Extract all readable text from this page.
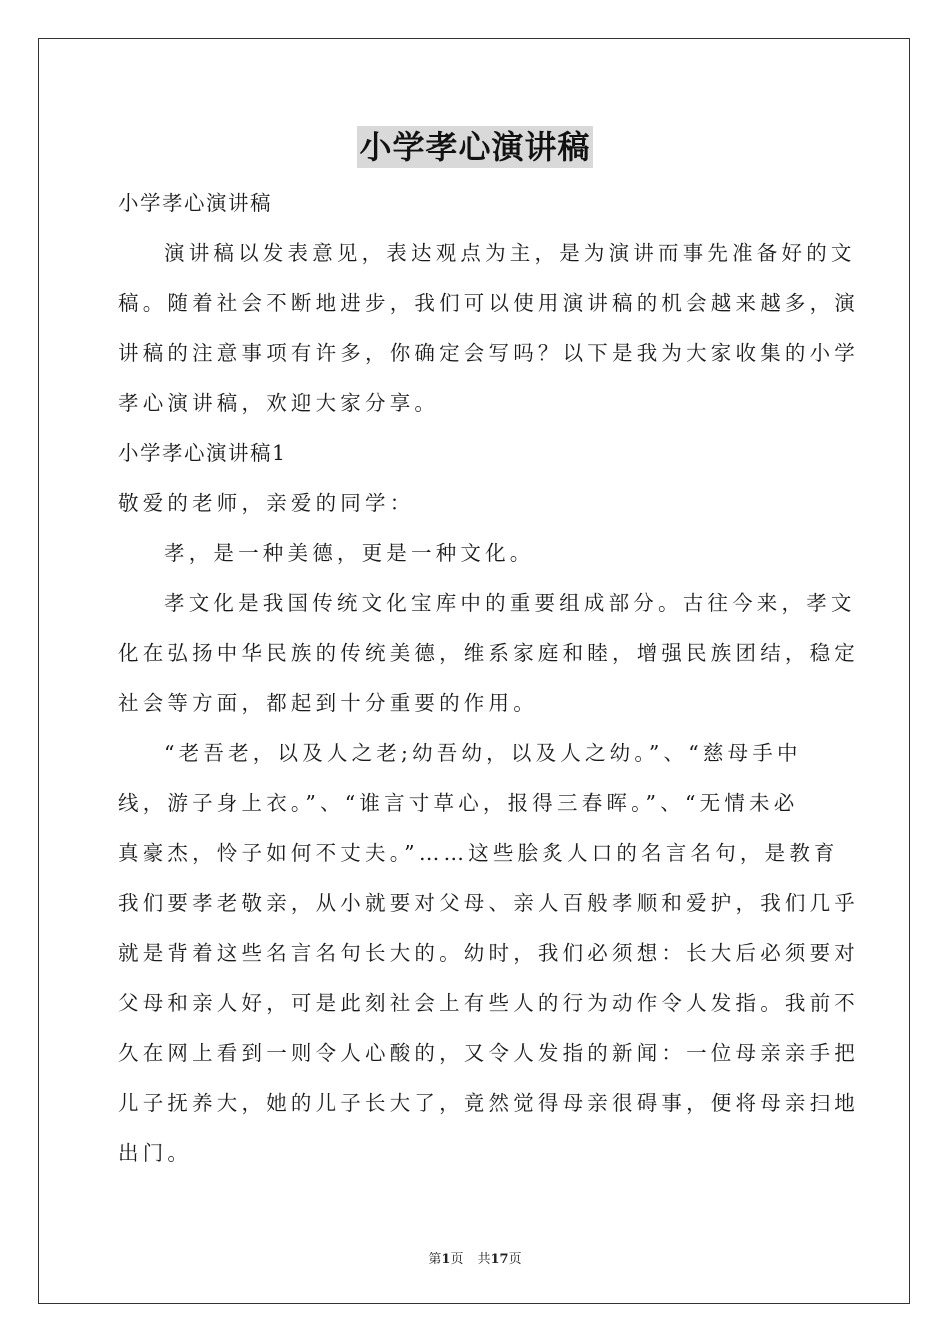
小学孝心演讲稿
小学孝心演讲稿
演讲稿以发表意见，表达观点为主，是为演讲而事先准备好的文
稿。随着社会不断地进步，我们可以使用演讲稿的机会越来越多，演
讲稿的注意事项有许多，你确定会写吗？以下是我为大家收集的小学
孝心演讲稿，欢迎大家分享。
小学孝心演讲稿1
敬爱的老师，亲爱的同学：
孝，是一种美德，更是一种文化。
孝文化是我国传统文化宝库中的重要组成部分。古往今来，孝文
化在弘扬中华民族的传统美德，维系家庭和睦，增强民族团结，稳定
社会等方面，都起到十分重要的作用。
“老吾老，以及人之老;幼吾幼，以及人之幼。”、“慈母手中
线，游子身上衣。”、“谁言寸草心，报得三春晖。”、“无情未必
真豪杰，怜子如何不丈夫。”……这些脍炙人口的名言名句，是教育
我们要孝老敬亲，从小就要对父母、亲人百般孝顺和爱护，我们几乎
就是背着这些名言名句长大的。幼时，我们必须想：长大后必须要对
父母和亲人好，可是此刻社会上有些人的行为动作令人发指。我前不
久在网上看到一则令人心酸的，又令人发指的新闻：一位母亲亲手把
儿子抚养大，她的儿子长大了，竟然觉得母亲很碍事，便将母亲扫地
出门。
第1页 共17页
